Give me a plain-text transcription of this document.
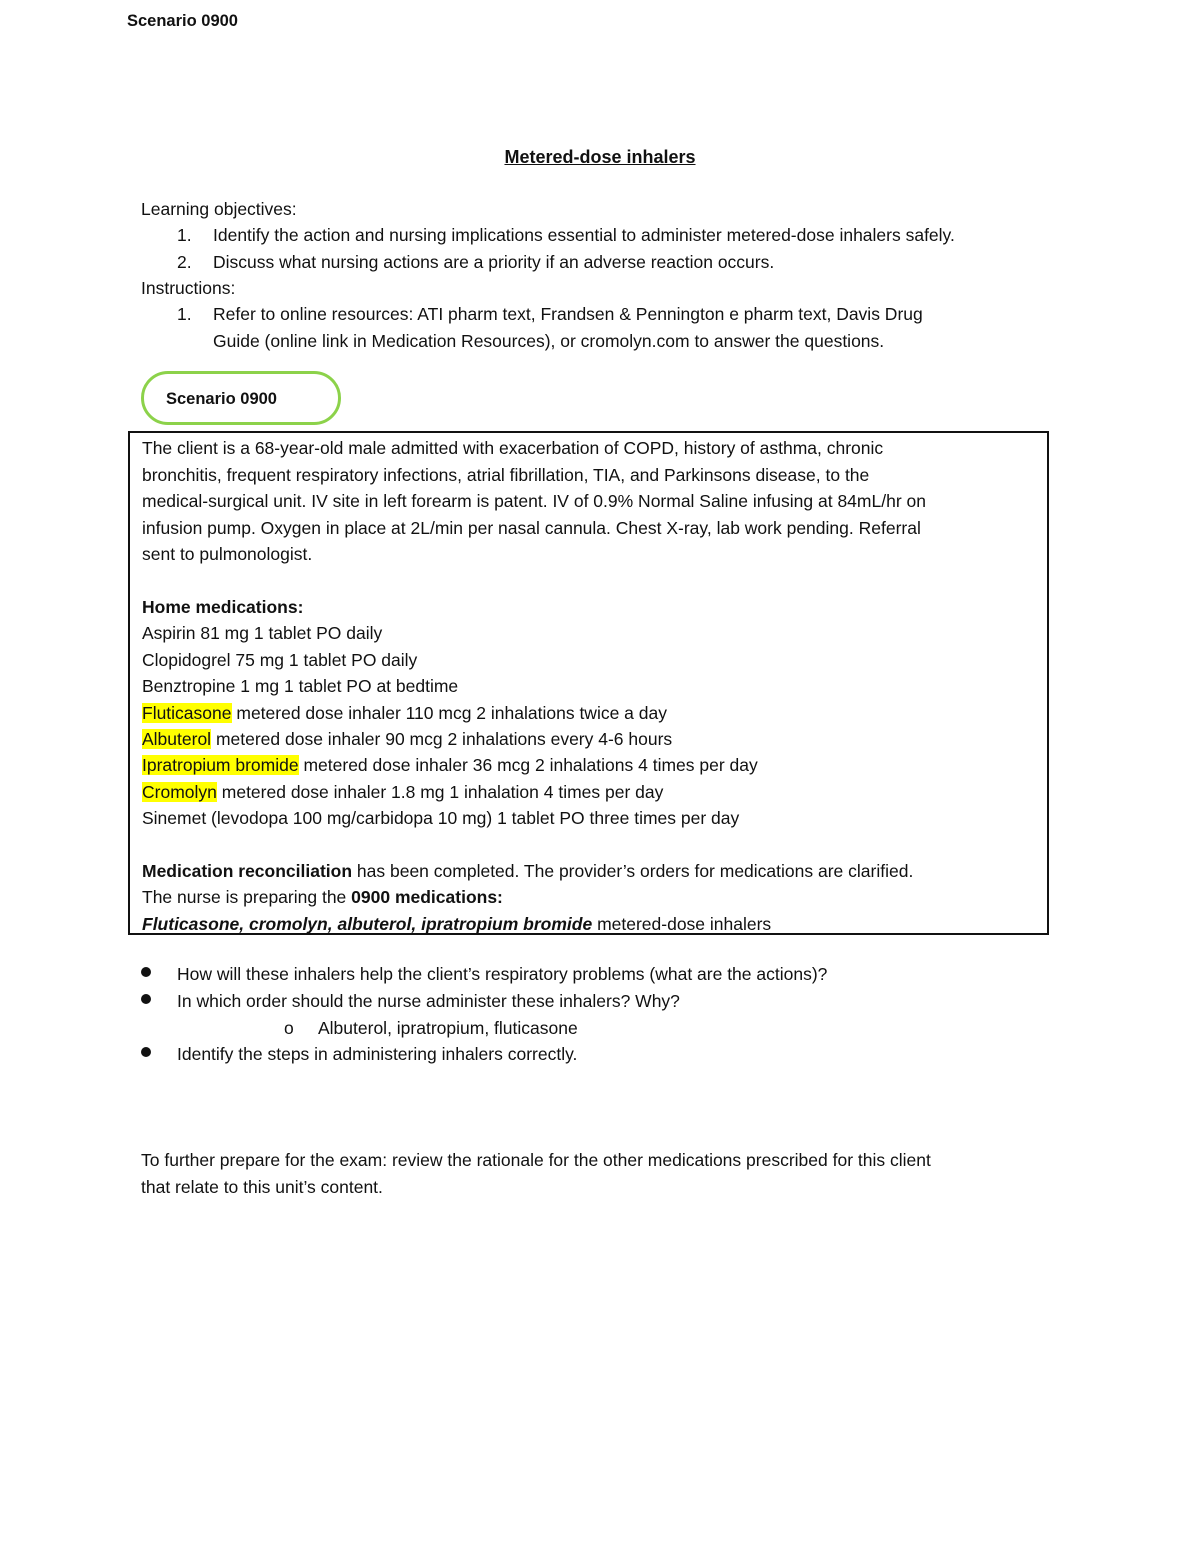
Scenario 0900
Metered-dose inhalers
Learning objectives:
1. Identify the action and nursing implications essential to administer metered-dose inhalers safely.
2. Discuss what nursing actions are a priority if an adverse reaction occurs.
Instructions:
1. Refer to online resources: ATI pharm text, Frandsen & Pennington e pharm text, Davis Drug
Guide (online link in Medication Resources), or cromolyn.com to answer the questions.
Scenario 0900
The client is a 68-year-old male admitted with exacerbation of COPD, history of asthma, chronic
bronchitis, frequent respiratory infections, atrial fibrillation, TIA, and Parkinsons disease, to the
medical-surgical unit. IV site in left forearm is patent. IV of 0.9% Normal Saline infusing at 84mL/hr on
infusion pump. Oxygen in place at 2L/min per nasal cannula. Chest X-ray, lab work pending. Referral
sent to pulmonologist.
Home medications:
Aspirin 81 mg 1 tablet PO daily
Clopidogrel 75 mg 1 tablet PO daily
Benztropine 1 mg 1 tablet PO at bedtime
Fluticasone metered dose inhaler 110 mcg 2 inhalations twice a day
Albuterol metered dose inhaler 90 mcg 2 inhalations every 4-6 hours
Ipratropium bromide metered dose inhaler 36 mcg 2 inhalations 4 times per day
Cromolyn metered dose inhaler 1.8 mg 1 inhalation 4 times per day
Sinemet (levodopa 100 mg/carbidopa 10 mg) 1 tablet PO three times per day
Medication reconciliation has been completed. The provider’s orders for medications are clarified.
The nurse is preparing the 0900 medications:
Fluticasone, cromolyn, albuterol, ipratropium bromide metered-dose inhalers
How will these inhalers help the client’s respiratory problems (what are the actions)?
In which order should the nurse administer these inhalers? Why?
o Albuterol, ipratropium, fluticasone
Identify the steps in administering inhalers correctly.
To further prepare for the exam: review the rationale for the other medications prescribed for this client
that relate to this unit’s content.
